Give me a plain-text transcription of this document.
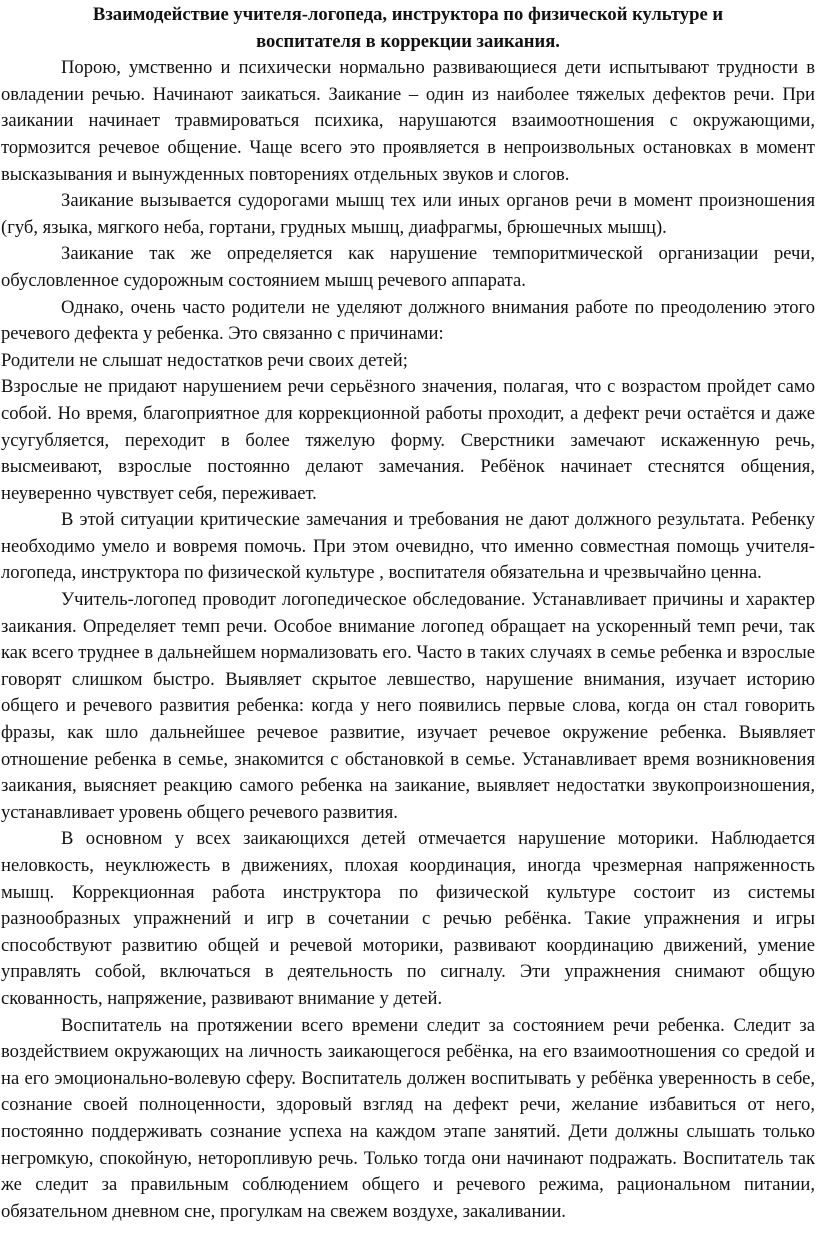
Взаимодействие учителя-логопеда, инструктора по физической культуре и воспитателя в коррекции заикания.

Порою, умственно и психически нормально развивающиеся дети испытывают трудности в овладении речью. Начинают заикаться. Заикание – один из наиболее тяжелых дефектов речи. При заикании начинает травмироваться психика, нарушаются взаимоотношения с окружающими, тормозится речевое общение. Чаще всего это проявляется в непроизвольных остановках в момент высказывания и вынужденных повторениях отдельных звуков и слогов.

Заикание вызывается судорогами мышц тех или иных органов речи в момент произношения (губ, языка, мягкого неба, гортани, грудных мышц, диафрагмы, брюшечных мышц).

Заикание так же определяется как нарушение темпоритмической организации речи, обусловленное судорожным состоянием мышц речевого аппарата.

Однако, очень часто родители не уделяют должного внимания работе по преодолению этого речевого дефекта у ребенка. Это связанно с причинами:

Родители не слышат недостатков речи своих детей;

Взрослые не придают нарушением речи серьёзного значения, полагая, что с возрастом пройдет само собой. Но время, благоприятное для коррекционной работы проходит, а дефект речи остаётся и даже усугубляется, переходит в более тяжелую форму. Сверстники замечают искаженную речь, высмеивают, взрослые постоянно делают замечания. Ребёнок начинает стеснятся общения, неуверенно чувствует себя, переживает.

В этой ситуации критические замечания и требования не дают должного результата. Ребенку необходимо умело и вовремя помочь. При этом очевидно, что именно совместная помощь учителя-логопеда, инструктора по физической культуре , воспитателя обязательна и чрезвычайно ценна.

Учитель-логопед проводит логопедическое обследование. Устанавливает причины и характер заикания. Определяет темп речи. Особое внимание логопед обращает на ускоренный темп речи, так как всего труднее в дальнейшем нормализовать его. Часто в таких случаях в семье ребенка и взрослые говорят слишком быстро. Выявляет скрытое левшество, нарушение внимания, изучает историю общего и речевого развития ребенка: когда у него появились первые слова, когда он стал говорить фразы, как шло дальнейшее речевое развитие, изучает речевое окружение ребенка. Выявляет отношение ребенка в семье, знакомится с обстановкой в семье. Устанавливает время возникновения заикания, выясняет реакцию самого ребенка на заикание, выявляет недостатки звукопроизношения, устанавливает уровень общего речевого развития.

В основном у всех заикающихся детей отмечается нарушение моторики. Наблюдается неловкость, неуклюжесть в движениях, плохая координация, иногда чрезмерная напряженность мышц. Коррекционная работа инструктора по физической культуре состоит из системы разнообразных упражнений и игр в сочетании с речью ребёнка. Такие упражнения и игры способствуют развитию общей и речевой моторики, развивают координацию движений, умение управлять собой, включаться в деятельность по сигналу. Эти упражнения снимают общую скованность, напряжение, развивают внимание у детей.

Воспитатель на протяжении всего времени следит за состоянием речи ребенка. Следит за воздействием окружающих на личность заикающегося ребёнка, на его взаимоотношения со средой и на его эмоционально-волевую сферу. Воспитатель должен воспитывать у ребёнка уверенность в себе, сознание своей полноценности, здоровый взгляд на дефект речи, желание избавиться от него, постоянно поддерживать сознание успеха на каждом этапе занятий. Дети должны слышать только негромкую, спокойную, неторопливую речь. Только тогда они начинают подражать. Воспитатель так же следит за правильным соблюдением общего и речевого режима, рациональном питании, обязательном дневном сне, прогулкам на свежем воздухе, закаливании.
